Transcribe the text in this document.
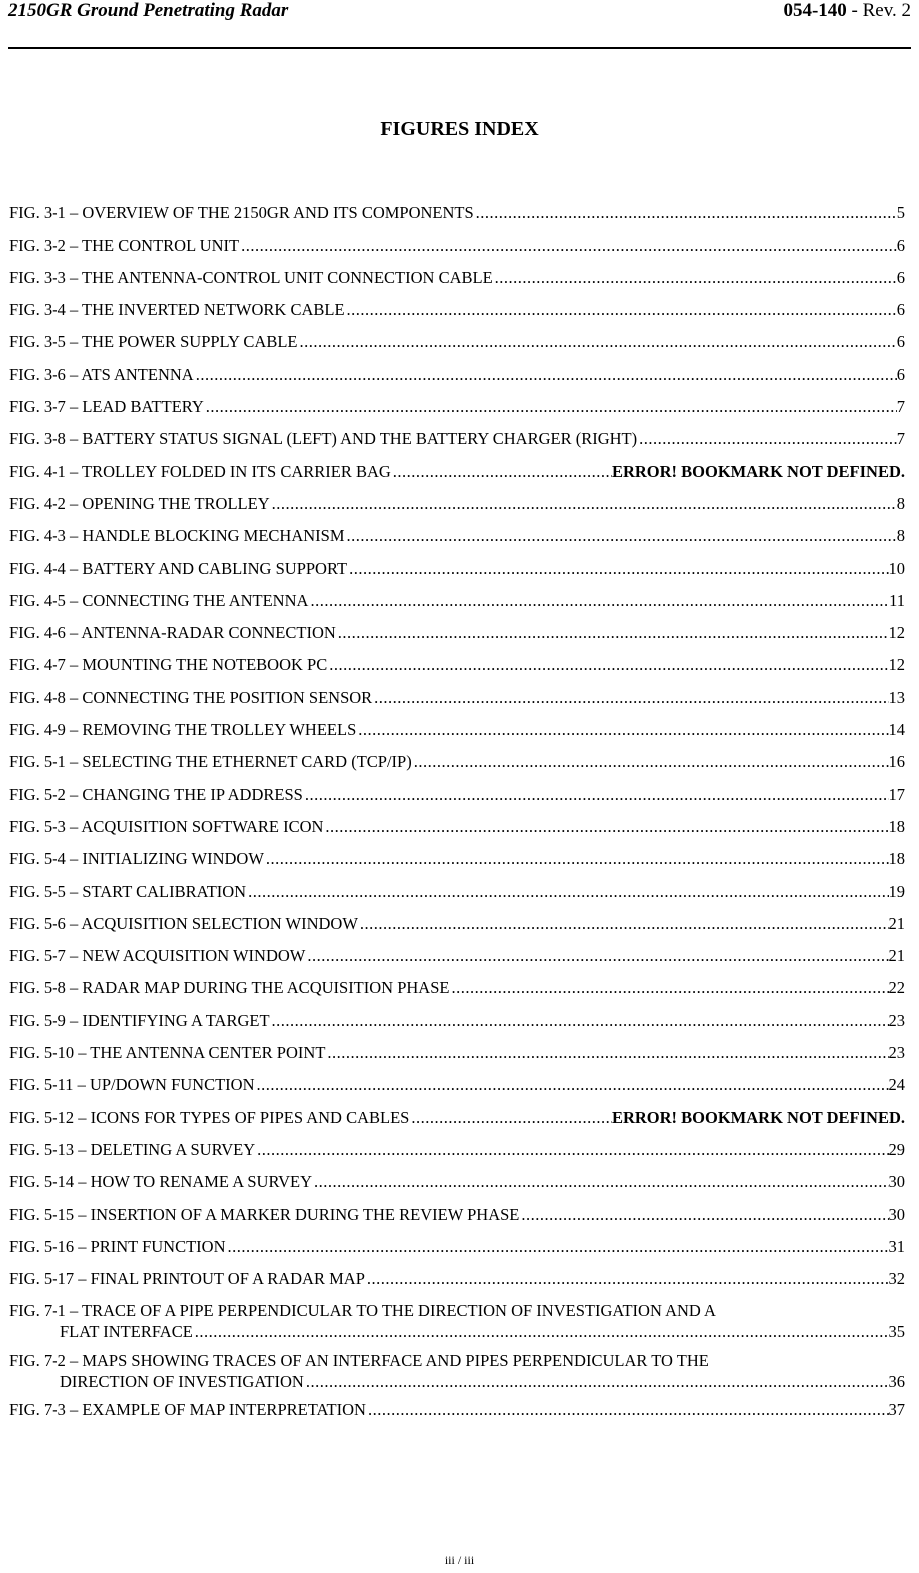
2150GR Ground Penetrating Radar	054-140 - Rev. 2
FIGURES INDEX
FIG. 3-1 – OVERVIEW OF THE 2150GR AND ITS COMPONENTS .....	5
FIG. 3-2 – THE CONTROL UNIT .....	6
FIG. 3-3 – THE ANTENNA-CONTROL UNIT CONNECTION CABLE .....	6
FIG. 3-4 – THE INVERTED NETWORK CABLE .....	6
FIG. 3-5 – THE POWER SUPPLY CABLE .....	6
FIG. 3-6 – ATS ANTENNA .....	6
FIG. 3-7 – LEAD BATTERY .....	7
FIG. 3-8 – BATTERY STATUS SIGNAL (LEFT) AND THE BATTERY CHARGER (RIGHT) .....	7
FIG. 4-1 – TROLLEY FOLDED IN ITS CARRIER BAG .....	ERROR! BOOKMARK NOT DEFINED.
FIG. 4-2 – OPENING THE TROLLEY .....	8
FIG. 4-3 – HANDLE BLOCKING MECHANISM .....	8
FIG. 4-4 – BATTERY AND CABLING SUPPORT .....	10
FIG. 4-5 – CONNECTING THE ANTENNA .....	11
FIG. 4-6 – ANTENNA-RADAR CONNECTION .....	12
FIG. 4-7 – MOUNTING THE NOTEBOOK PC .....	12
FIG. 4-8 – CONNECTING THE POSITION SENSOR .....	13
FIG. 4-9 – REMOVING THE TROLLEY WHEELS .....	14
FIG. 5-1 – SELECTING THE ETHERNET CARD (TCP/IP) .....	16
FIG. 5-2 – CHANGING THE IP ADDRESS .....	17
FIG. 5-3 – ACQUISITION SOFTWARE ICON .....	18
FIG. 5-4 – INITIALIZING WINDOW .....	18
FIG. 5-5 – START CALIBRATION .....	19
FIG. 5-6 – ACQUISITION SELECTION WINDOW .....	21
FIG. 5-7 – NEW ACQUISITION WINDOW .....	21
FIG. 5-8 – RADAR MAP DURING THE ACQUISITION PHASE .....	22
FIG. 5-9 – IDENTIFYING A TARGET .....	23
FIG. 5-10 – THE ANTENNA CENTER POINT .....	23
FIG. 5-11 – UP/DOWN FUNCTION .....	24
FIG. 5-12 – ICONS FOR TYPES OF PIPES AND CABLES .....	ERROR! BOOKMARK NOT DEFINED.
FIG. 5-13 – DELETING A SURVEY .....	29
FIG. 5-14 – HOW TO RENAME A SURVEY .....	30
FIG. 5-15 – INSERTION OF A MARKER DURING THE REVIEW PHASE .....	30
FIG. 5-16 – PRINT FUNCTION .....	31
FIG. 5-17 – FINAL PRINTOUT OF A RADAR MAP .....	32
FIG. 7-1 – TRACE OF A PIPE PERPENDICULAR TO THE DIRECTION OF INVESTIGATION AND A
FLAT INTERFACE .....	35
FIG. 7-2 – MAPS SHOWING TRACES OF AN INTERFACE AND PIPES PERPENDICULAR TO THE
DIRECTION OF INVESTIGATION .....	36
FIG. 7-3 – EXAMPLE OF MAP INTERPRETATION .....	37
iii / iii
